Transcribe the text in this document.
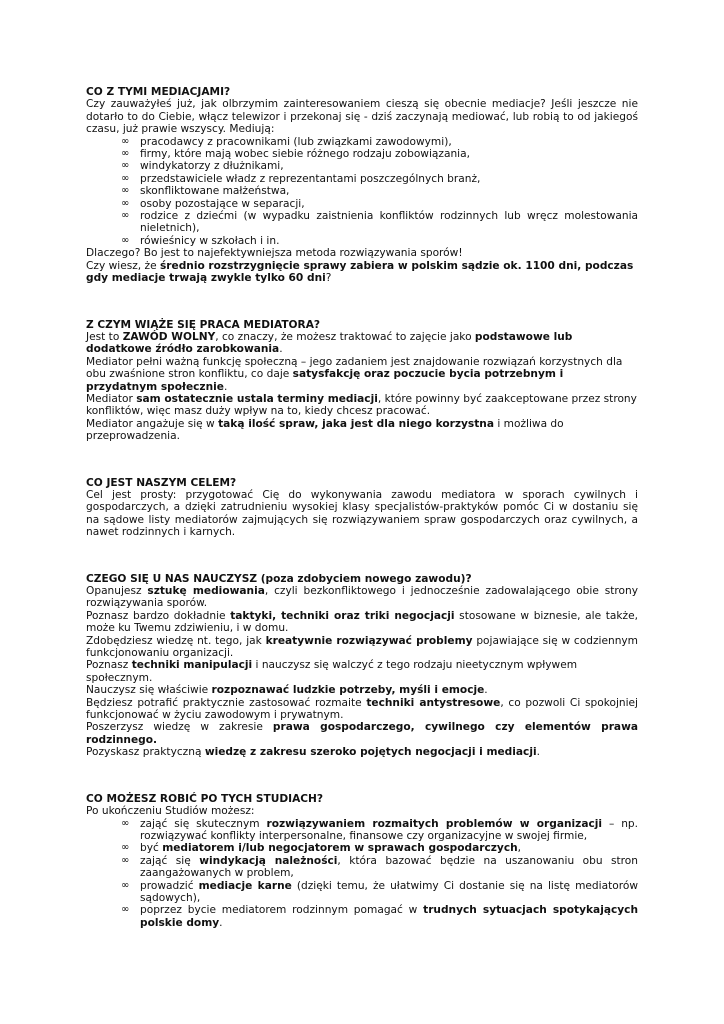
CO Z TYMI MEDIACJAMI?

Czy zauważyłeś już, jak olbrzymim zainteresowaniem cieszą się obecnie mediacje? Jeśli jeszcze nie dotarło to do Ciebie, włącz telewizor i przekonaj się - dziś zaczynają mediować, lub robią to od jakiegoś czasu, już prawie wszyscy. Mediują:

∞ pracodawcy z pracownikami (lub związkami zawodowymi),
∞ firmy, które mają wobec siebie różnego rodzaju zobowiązania,
∞ windykatorzy z dłużnikami,
∞ przedstawiciele władz z reprezentantami poszczególnych branż,
∞ skonfliktowane małżeństwa,
∞ osoby pozostające w separacji,
∞ rodzice z dziećmi (w wypadku zaistnienia konfliktów rodzinnych lub wręcz molestowania nieletnich),
∞ rówieśnicy w szkołach i in.

Dlaczego? Bo jest to najefektywniejsza metoda rozwiązywania sporów!

Czy wiesz, że średnio rozstrzygnięcie sprawy zabiera w polskim sądzie ok. 1100 dni, podczas gdy mediacje trwają zwykle tylko 60 dni?

Z CZYM WIĄŻE SIĘ PRACA MEDIATORA?

Jest to ZAWÓD WOLNY, co znaczy, że możesz traktować to zajęcie jako podstawowe lub dodatkowe źródło zarobkowania.

Mediator pełni ważną funkcję społeczną – jego zadaniem jest znajdowanie rozwiązań korzystnych dla obu zwaśnione stron konfliktu, co daje satysfakcję oraz poczucie bycia potrzebnym i przydatnym społecznie.

Mediator sam ostatecznie ustala terminy mediacji, które powinny być zaakceptowane przez strony konfliktów, więc masz duży wpływ na to, kiedy chcesz pracować.

Mediator angażuje się w taką ilość spraw, jaka jest dla niego korzystna i możliwa do przeprowadzenia.

CO JEST NASZYM CELEM?

Cel jest prosty: przygotować Cię do wykonywania zawodu mediatora w sporach cywilnych i gospodarczych, a dzięki zatrudnieniu wysokiej klasy specjalistów-praktyków pomóc Ci w dostaniu się na sądowe listy mediatorów zajmujących się rozwiązywaniem spraw gospodarczych oraz cywilnych, a nawet rodzinnych i karnych.

CZEGO SIĘ U NAS NAUCZYSZ (poza zdobyciem nowego zawodu)?

Opanujesz sztukę mediowania, czyli bezkonfliktowego i jednocześnie zadowalającego obie strony rozwiązywania sporów.

Poznasz bardzo dokładnie taktyki, techniki oraz triki negocjacji stosowane w biznesie, ale także, może ku Twemu zdziwieniu, i w domu.

Zdobędziesz wiedzę nt. tego, jak kreatywnie rozwiązywać problemy pojawiające się w codziennym funkcjonowaniu organizacji.

Poznasz techniki manipulacji i nauczysz się walczyć z tego rodzaju nieetycznym wpływem społecznym.

Nauczysz się właściwie rozpoznawać ludzkie potrzeby, myśli i emocje.

Będziesz potrafić praktycznie zastosować rozmaite techniki antystresowe, co pozwoli Ci spokojniej funkcjonować w życiu zawodowym i prywatnym.

Poszerzysz wiedzę w zakresie prawa gospodarczego, cywilnego czy elementów prawa rodzinnego.

Pozyskasz praktyczną wiedzę z zakresu szeroko pojętych negocjacji i mediacji.

CO MOŻESZ ROBIĆ PO TYCH STUDIACH?

Po ukończeniu Studiów możesz:

∞ zająć się skutecznym rozwiązywaniem rozmaitych problemów w organizacji – np. rozwiązywać konflikty interpersonalne, finansowe czy organizacyjne w swojej firmie,
∞ być mediatorem i/lub negocjatorem w sprawach gospodarczych,
∞ zająć się windykacją należności, która bazować będzie na uszanowaniu obu stron zaangażowanych w problem,
∞ prowadzić mediacje karne (dzięki temu, że ułatwimy Ci dostanie się na listę mediatorów sądowych),
∞ poprzez bycie mediatorem rodzinnym pomagać w trudnych sytuacjach spotykających polskie domy.
